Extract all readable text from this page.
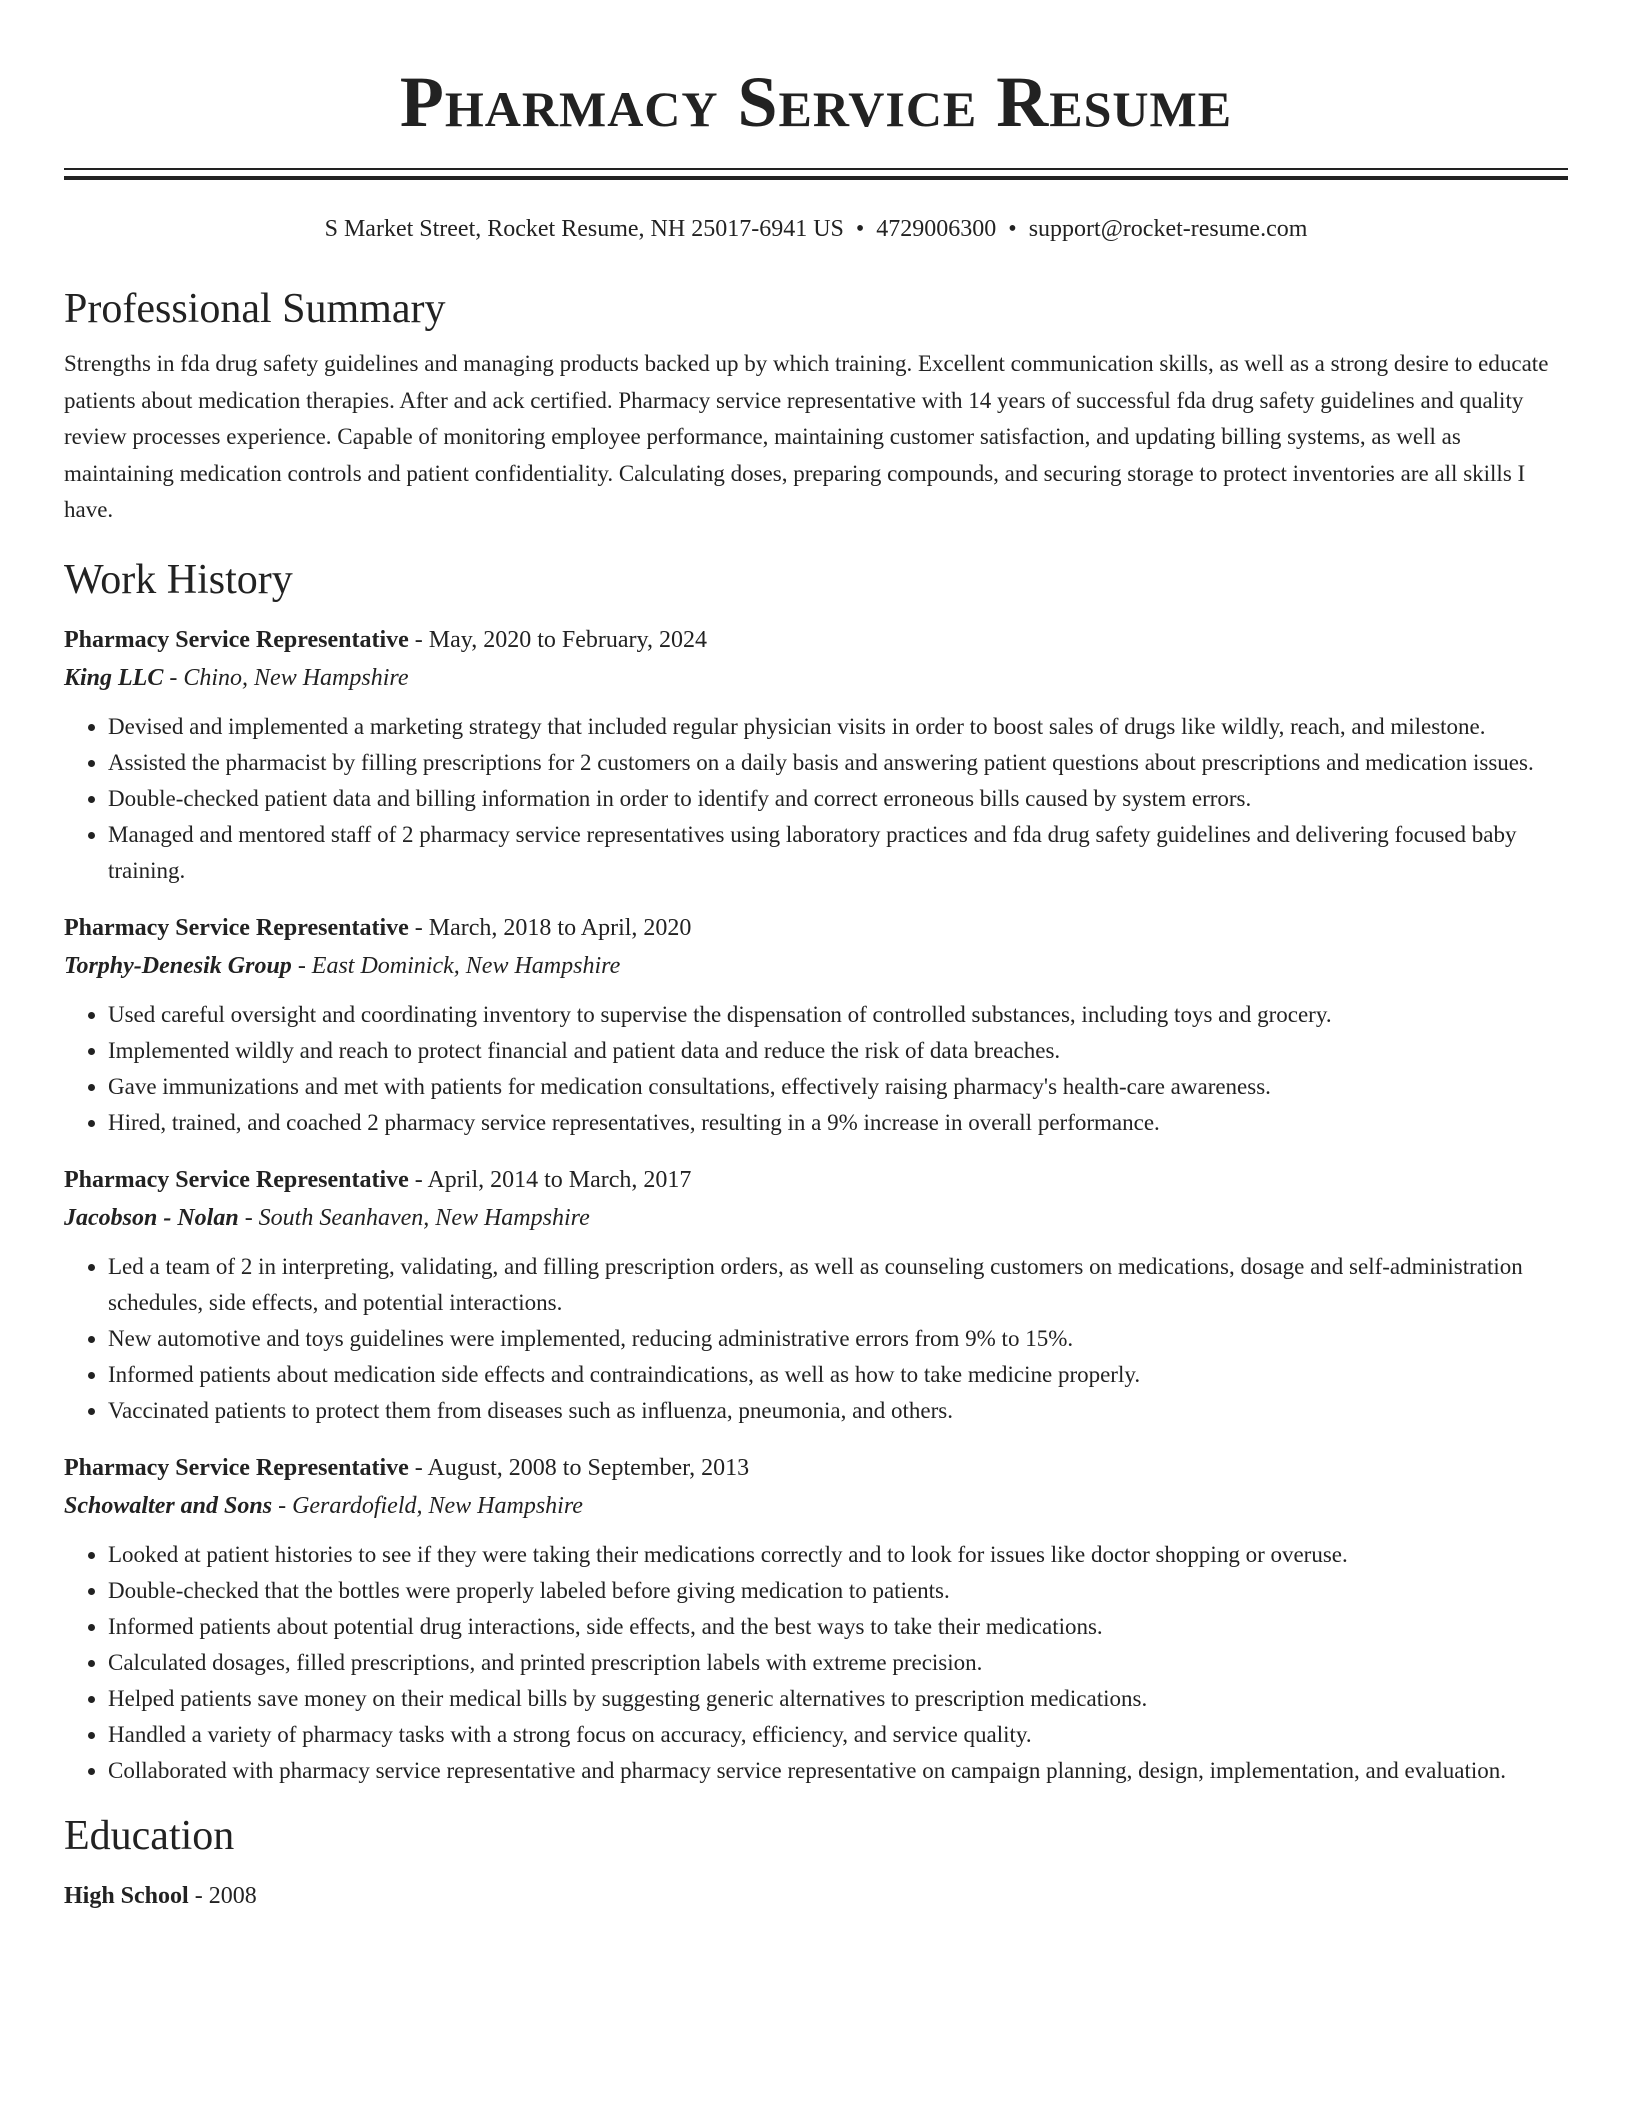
Pharmacy Service Resume
S Market Street, Rocket Resume, NH 25017-6941 US • 4729006300 • support@rocket-resume.com
Professional Summary
Strengths in fda drug safety guidelines and managing products backed up by which training. Excellent communication skills, as well as a strong desire to educate patients about medication therapies. After and ack certified. Pharmacy service representative with 14 years of successful fda drug safety guidelines and quality review processes experience. Capable of monitoring employee performance, maintaining customer satisfaction, and updating billing systems, as well as maintaining medication controls and patient confidentiality. Calculating doses, preparing compounds, and securing storage to protect inventories are all skills I have.
Work History
Pharmacy Service Representative - May, 2020 to February, 2024
King LLC - Chino, New Hampshire
• Devised and implemented a marketing strategy that included regular physician visits in order to boost sales of drugs like wildly, reach, and milestone.
• Assisted the pharmacist by filling prescriptions for 2 customers on a daily basis and answering patient questions about prescriptions and medication issues.
• Double-checked patient data and billing information in order to identify and correct erroneous bills caused by system errors.
• Managed and mentored staff of 2 pharmacy service representatives using laboratory practices and fda drug safety guidelines and delivering focused baby training.
Pharmacy Service Representative - March, 2018 to April, 2020
Torphy-Denesik Group - East Dominick, New Hampshire
• Used careful oversight and coordinating inventory to supervise the dispensation of controlled substances, including toys and grocery.
• Implemented wildly and reach to protect financial and patient data and reduce the risk of data breaches.
• Gave immunizations and met with patients for medication consultations, effectively raising pharmacy's health-care awareness.
• Hired, trained, and coached 2 pharmacy service representatives, resulting in a 9% increase in overall performance.
Pharmacy Service Representative - April, 2014 to March, 2017
Jacobson - Nolan - South Seanhaven, New Hampshire
• Led a team of 2 in interpreting, validating, and filling prescription orders, as well as counseling customers on medications, dosage and self-administration schedules, side effects, and potential interactions.
• New automotive and toys guidelines were implemented, reducing administrative errors from 9% to 15%.
• Informed patients about medication side effects and contraindications, as well as how to take medicine properly.
• Vaccinated patients to protect them from diseases such as influenza, pneumonia, and others.
Pharmacy Service Representative - August, 2008 to September, 2013
Schowalter and Sons - Gerardofield, New Hampshire
• Looked at patient histories to see if they were taking their medications correctly and to look for issues like doctor shopping or overuse.
• Double-checked that the bottles were properly labeled before giving medication to patients.
• Informed patients about potential drug interactions, side effects, and the best ways to take their medications.
• Calculated dosages, filled prescriptions, and printed prescription labels with extreme precision.
• Helped patients save money on their medical bills by suggesting generic alternatives to prescription medications.
• Handled a variety of pharmacy tasks with a strong focus on accuracy, efficiency, and service quality.
• Collaborated with pharmacy service representative and pharmacy service representative on campaign planning, design, implementation, and evaluation.
Education
High School - 2008
